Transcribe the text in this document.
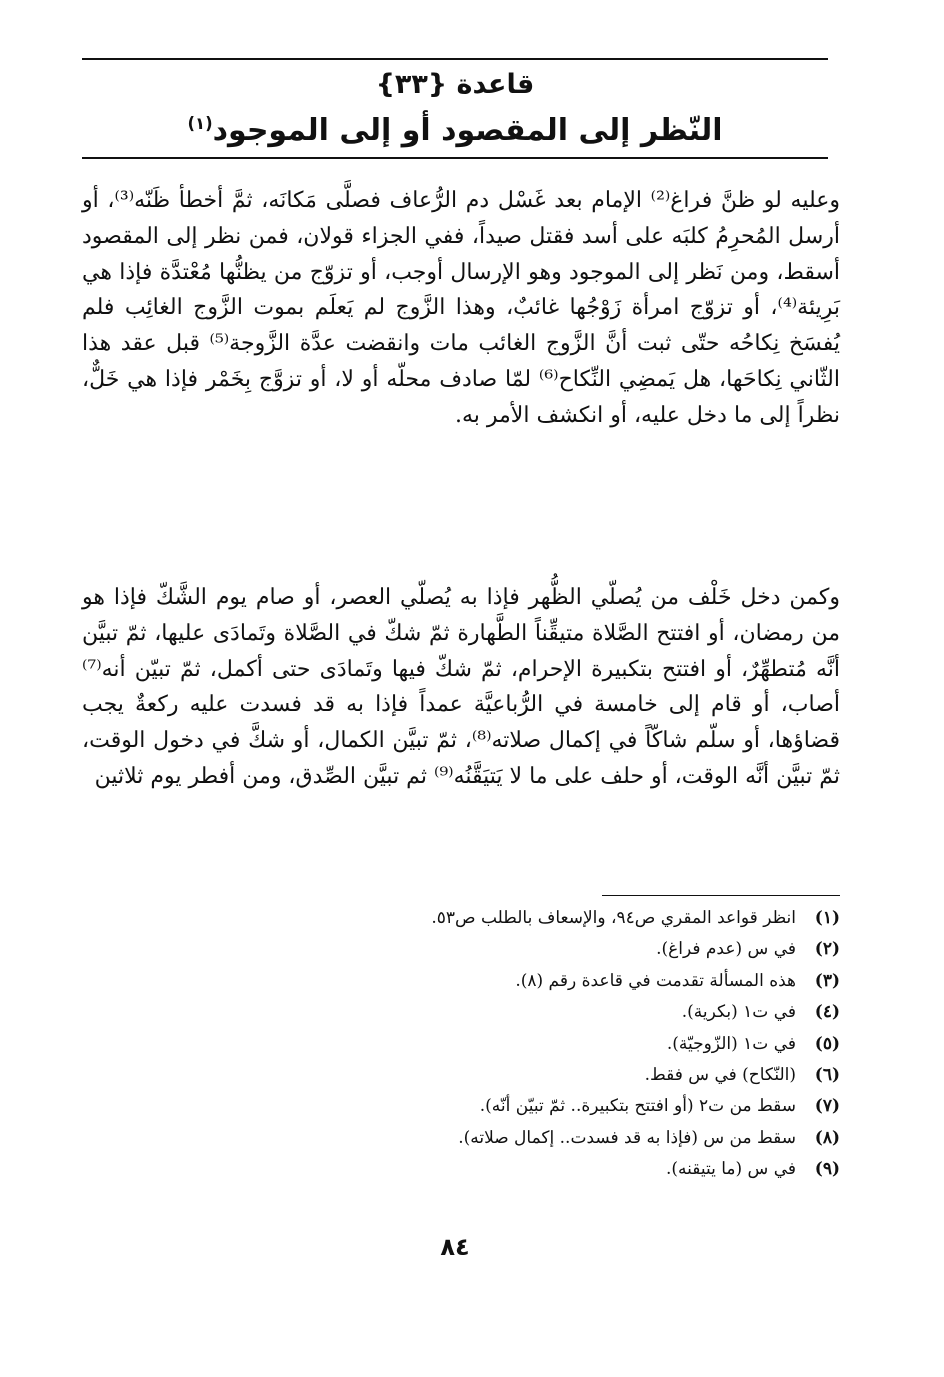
قاعدة {٣٣}
النّظر إلى المقصود أو إلى الموجود$^{(١)}$

وعليه لو ظنَّ فراغ⁽²⁾ الإمام بعد غَسْل دم الرُّعاف فصلَّى مَكانَه، ثمَّ أخطأ ظَنّه⁽³⁾، أو أرسل المُحرِمُ كلبَه على أسد فقتل صيداً، ففي الجزاء قولان، فمن نظر إلى المقصود أسقط، ومن نَظر إلى الموجود وهو الإرسال أوجب، أو تزوّج من يظنُّها مُعْتدَّة فإذا هي بَرِيئة⁽⁴⁾، أو تزوّج امرأة زَوْجُها غائبٌ، وهذا الزَّوج لم يَعلَم بموت الزَّوج الغائِب فلم يُفسَخ نِكاحُه حتّى ثبت أنَّ الزَّوج الغائب مات وانقضت عدَّة الزَّوجة⁽⁵⁾ قبل عقد هذا الثّاني نِكاحَها، هل يَمضِي النِّكاح⁽⁶⁾ لمّا صادف محلّه أو لا، أو تزوَّج بِخَمْر فإذا هي خَلٌّ، نظراً إلى ما دخل عليه، أو انكشف الأمر به.

وكمن دخل خَلْف من يُصلّي الظُّهر فإذا به يُصلّي العصر، أو صام يوم الشَّكّ فإذا هو من رمضان، أو افتتح الصَّلاة متيقِّناً الطَّهارة ثمّ شكّ في الصَّلاة وتَمادَى عليها، ثمّ تبيَّن أنَّه مُتطهِّرٌ، أو افتتح بتكبيرة الإحرام، ثمّ شكّ فيها وتَمادَى حتى أكمل، ثمّ تبيّن أنه⁽⁷⁾ أصاب، أو قام إلى خامسة في الرُّباعيَّة عمداً فإذا به قد فسدت عليه ركعةٌ يجب قضاؤها، أو سلّم شاكّاً في إكمال صلاته⁽⁸⁾، ثمّ تبيَّن الكمال، أو شكَّ في دخول الوقت، ثمّ تبيَّن أنَّه الوقت، أو حلف على ما لا يَتيَقَّنُه⁽⁹⁾ ثم تبيَّن الصِّدق، ومن أفطر يوم ثلاثين

(١)انظر قواعد المقري ص٩٤، والإسعاف بالطلب ص٥٣.
(٢)في س (عدم فراغ).
(٣)هذه المسألة تقدمت في قاعدة رقم (٨).
(٤)في ت١ (بكرية).
(٥)في ت١ (الزّوجيّة).
(٦)(النّكاح) في س فقط.
(٧)سقط من ت٢ (أو افتتح بتكبيرة.. ثمّ تبيّن أنّه).
(٨)سقط من س (فإذا به قد فسدت.. إكمال صلاته).
(٩)في س (ما يتيقنه).
٨٤
